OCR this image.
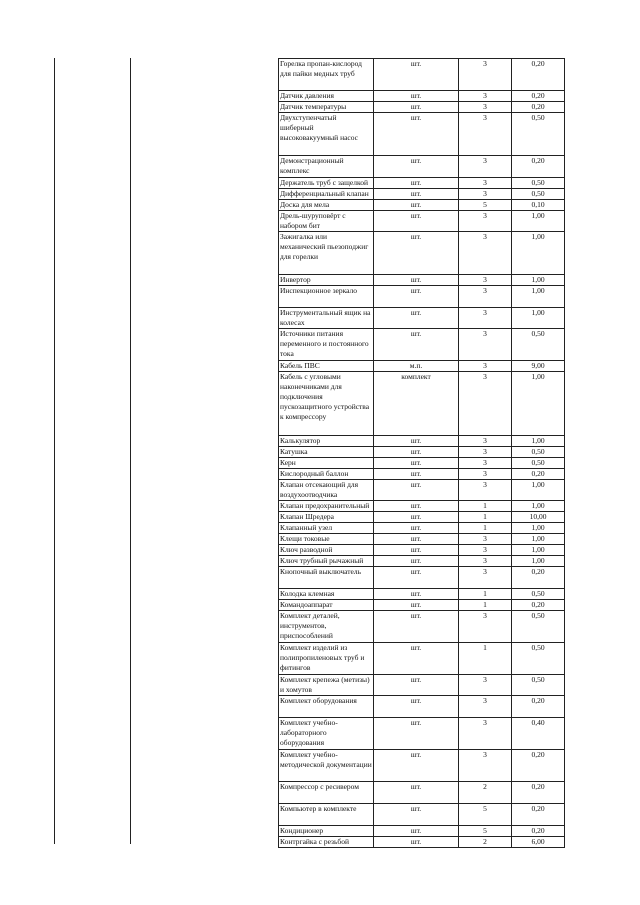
Горелка пропан-кислород для пайки медных труб	шт.	3	0,20
Датчик давления	шт.	3	0,20
Датчик температуры	шт.	3	0,20
Двухступенчатый шиберный высоковакуумный насос	шт.	3	0,50
Демонстрационный комплекс	шт.	3	0,20
Держатель труб с защелкой	шт.	3	0,50
Дифференциальный клапан	шт.	3	0,50
Доска для мела	шт.	5	0,10
Дрель-шуруповёрт с набором бит	шт.	3	1,00
Зажигалка или механический пьезоподжиг для горелки	шт.	3	1,00
Инвертор	шт.	3	1,00
Инспекционное зеркало	шт.	3	1,00
Инструментальный ящик на колесах	шт.	3	1,00
Источники питания переменного и постоянного тока	шт.	3	0,50
Кабель ПВС	м.п.	3	9,00
Кабель с угловыми наконечниками для подключения пускозащитного устройства к компрессору	комплект	3	1,00
Калькулятор	шт.	3	1,00
Катушка	шт.	3	0,50
Керн	шт.	3	0,50
Кислородный баллон	шт.	3	0,20
Клапан отсекающий для воздухоотводчика	шт.	3	1,00
Клапан предохранительный	шт.	1	1,00
Клапан Шредера	шт.	1	10,00
Клапанный узел	шт.	1	1,00
Клещи токовые	шт.	3	1,00
Ключ разводной	шт.	3	1,00
Ключ трубный рычажный	шт.	3	1,00
Кнопочный выключатель	шт.	3	0,20
Колодка клемная	шт.	1	0,50
Командоаппарат	шт.	1	0,20
Комплект деталей, инструментов, приспособлений	шт.	3	0,50
Комплект изделий из полипропиленовых труб и фитингов	шт.	1	0,50
Комплект крепежа (метизы) и хомутов	шт.	3	0,50
Комплект оборудования	шт.	3	0,20
Комплект учебно-лабораторного оборудования	шт.	3	0,40
Комплект учебно-методической документации	шт.	3	0,20
Компрессор с ресивером	шт.	2	0,20
Компьютер в комплекте	шт.	5	0,20
Кондиционер	шт.	5	0,20
Контргайка с резьбой	шт.	2	6,00
